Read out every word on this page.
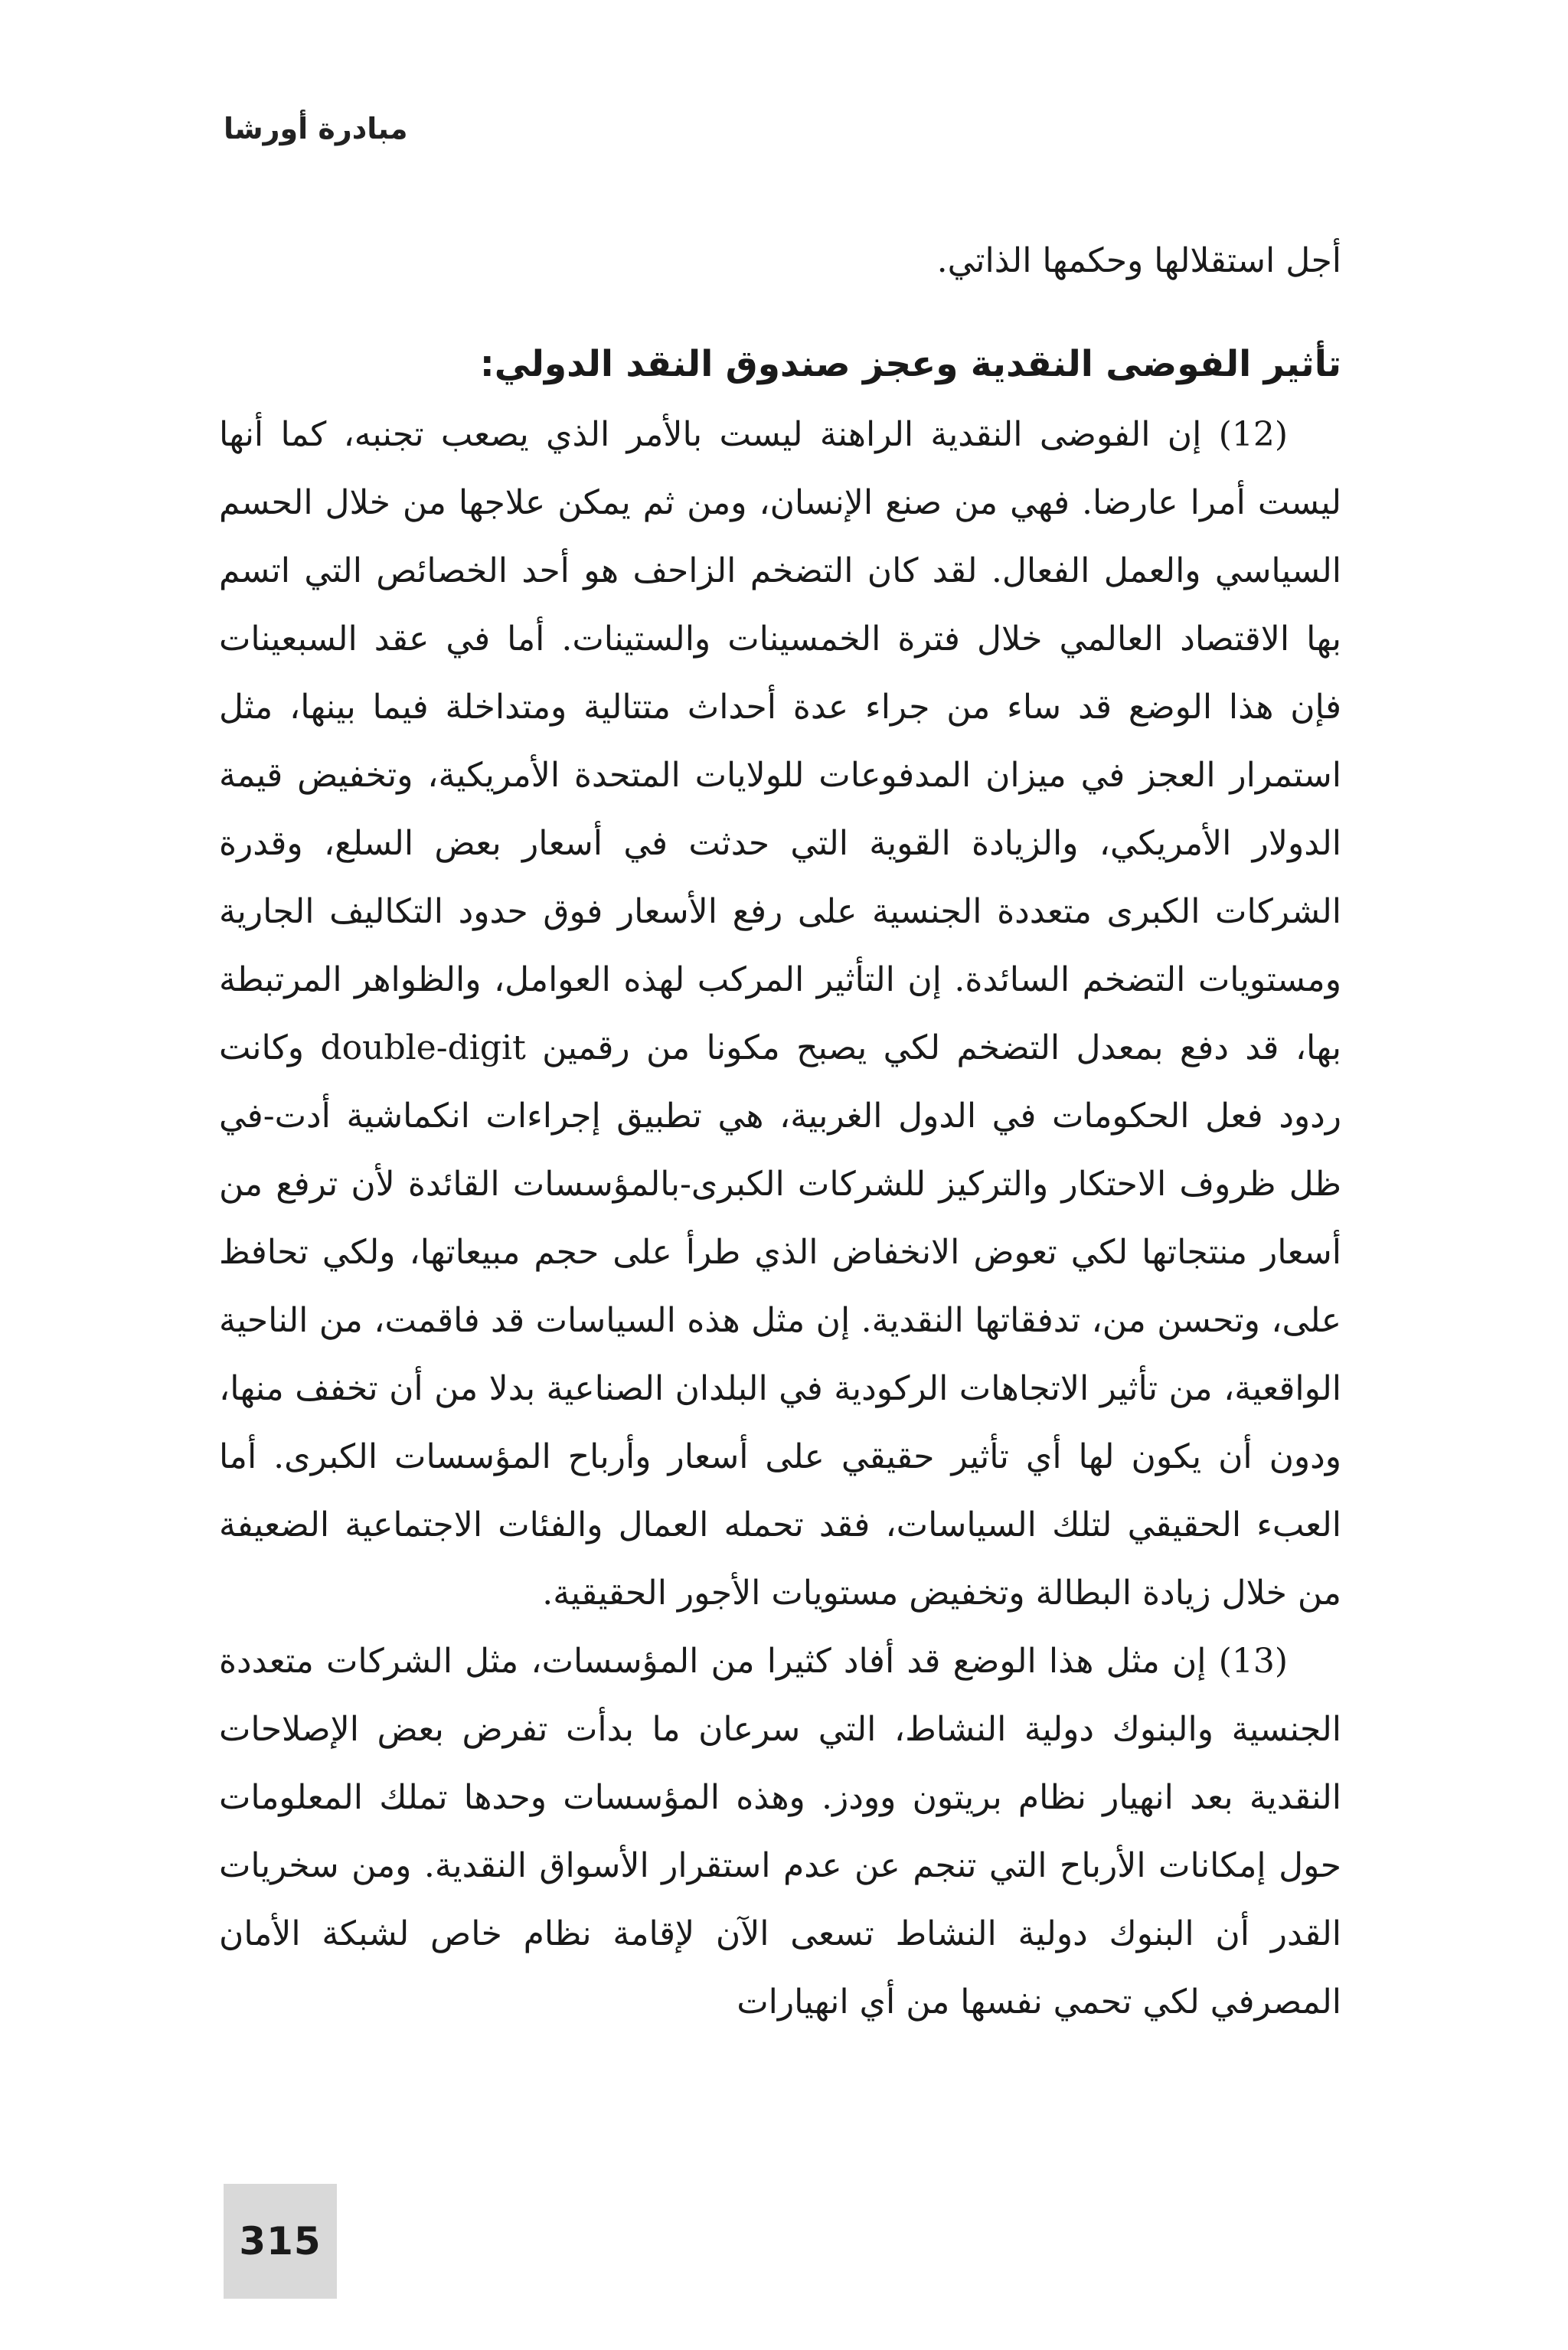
مبادرة أورشا

أجل استقلالها وحكمها الذاتي.

تأثير الفوضى النقدية وعجز صندوق النقد الدولي:

(12) إن الفوضى النقدية الراهنة ليست بالأمر الذي يصعب تجنبه، كما أنها ليست أمرا عارضا. فهي من صنع الإنسان، ومن ثم يمكن علاجها من خلال الحسم السياسي والعمل الفعال. لقد كان التضخم الزاحف هو أحد الخصائص التي اتسم بها الاقتصاد العالمي خلال فترة الخمسينات والستينات. أما في عقد السبعينات فإن هذا الوضع قد ساء من جراء عدة أحداث متتالية ومتداخلة فيما بينها، مثل استمرار العجز في ميزان المدفوعات للولايات المتحدة الأمريكية، وتخفيض قيمة الدولار الأمريكي، والزيادة القوية التي حدثت في أسعار بعض السلع، وقدرة الشركات الكبرى متعددة الجنسية على رفع الأسعار فوق حدود التكاليف الجارية ومستويات التضخم السائدة. إن التأثير المركب لهذه العوامل، والظواهر المرتبطة بها، قد دفع بمعدل التضخم لكي يصبح مكونا من رقمين double-digit وكانت ردود فعل الحكومات في الدول الغربية، هي تطبيق إجراءات انكماشية أدت-في ظل ظروف الاحتكار والتركيز للشركات الكبرى-بالمؤسسات القائدة لأن ترفع من أسعار منتجاتها لكي تعوض الانخفاض الذي طرأ على حجم مبيعاتها، ولكي تحافظ على، وتحسن من، تدفقاتها النقدية. إن مثل هذه السياسات قد فاقمت، من الناحية الواقعية، من تأثير الاتجاهات الركودية في البلدان الصناعية بدلا من أن تخفف منها، ودون أن يكون لها أي تأثير حقيقي على أسعار وأرباح المؤسسات الكبرى. أما العبء الحقيقي لتلك السياسات، فقد تحمله العمال والفئات الاجتماعية الضعيفة من خلال زيادة البطالة وتخفيض مستويات الأجور الحقيقية.

(13) إن مثل هذا الوضع قد أفاد كثيرا من المؤسسات، مثل الشركات متعددة الجنسية والبنوك دولية النشاط، التي سرعان ما بدأت تفرض بعض الإصلاحات النقدية بعد انهيار نظام بريتون وودز. وهذه المؤسسات وحدها تملك المعلومات حول إمكانات الأرباح التي تنجم عن عدم استقرار الأسواق النقدية. ومن سخريات القدر أن البنوك دولية النشاط تسعى الآن لإقامة نظام خاص لشبكة الأمان المصرفي لكي تحمي نفسها من أي انهيارات

315
